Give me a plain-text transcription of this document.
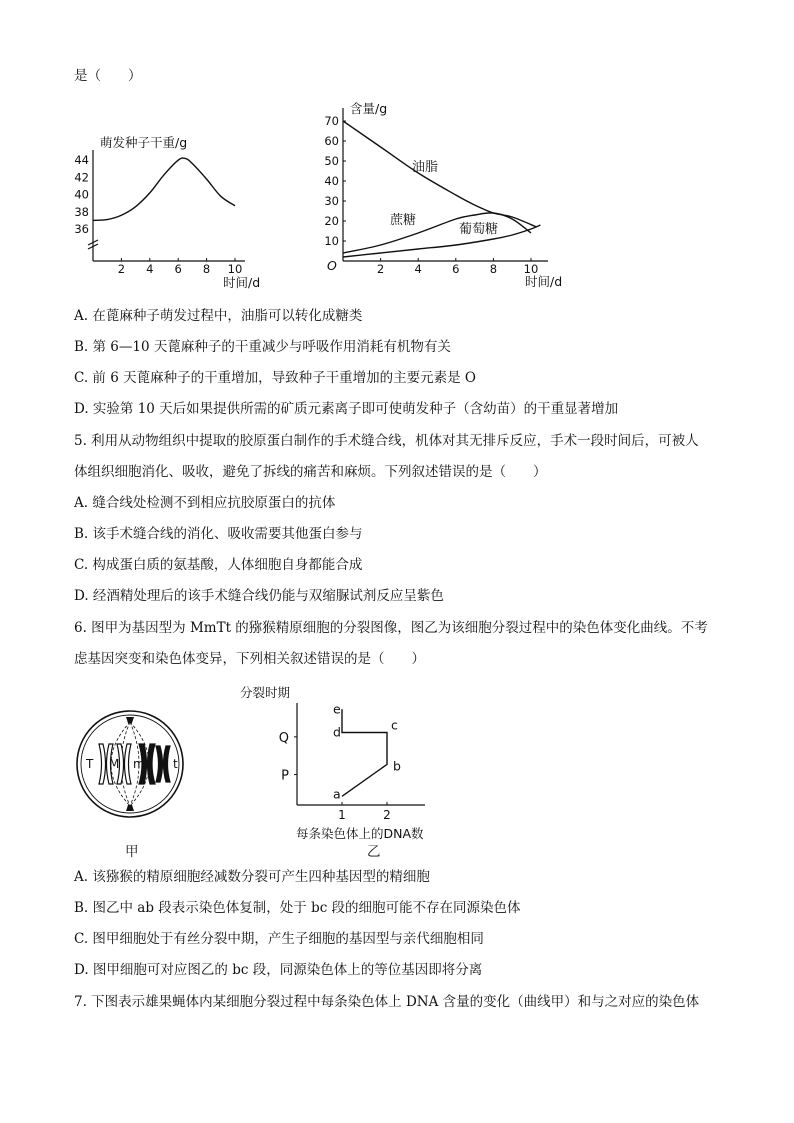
是（　　）
2 4 6 8 10
36
38
40
42
44
萌发种子干重/g
时间/d
2	4	6	8 10
10
20
30
40
50
60
70
含量/g
时间/d
O
油脂
蔗糖
葡萄糖
A. 在蓖麻种子萌发过程中，油脂可以转化成糖类
B. 第 6—10 天蓖麻种子的干重减少与呼吸作用消耗有机物有关
C. 前 6 天蓖麻种子的干重增加，导致种子干重增加的主要元素是 O
D. 实验第 10 天后如果提供所需的矿质元素离子即可使萌发种子（含幼苗）的干重显著增加
5. 利用从动物组织中提取的胶原蛋白制作的手术缝合线，机体对其无排斥反应，手术一段时间后，可被人
体组织细胞消化、吸收，避免了拆线的痛苦和麻烦。下列叙述错误的是（　　）
A. 缝合线处检测不到相应抗胶原蛋白的抗体
B. 该手术缝合线的消化、吸收需要其他蛋白参与
C. 构成蛋白质的氨基酸，人体细胞自身都能合成
D. 经酒精处理后的该手术缝合线仍能与双缩脲试剂反应呈紫色
6. 图甲为基因型为 MmTt 的猕猴精原细胞的分裂图像，图乙为该细胞分裂过程中的染色体变化曲线。不考
虑基因突变和染色体变异，下列相关叙述错误的是（　　）
T M m t
甲
1	2
P
Q
a
b
c
d
e
分裂时期
每条染色体上的DNA数
乙
A. 该猕猴的精原细胞经减数分裂可产生四种基因型的精细胞
B. 图乙中 ab 段表示染色体复制，处于 bc 段的细胞可能不存在同源染色体
C. 图甲细胞处于有丝分裂中期，产生子细胞的基因型与亲代细胞相同
D. 图甲细胞可对应图乙的 bc 段，同源染色体上的等位基因即将分离
7. 下图表示雄果蝇体内某细胞分裂过程中每条染色体上 DNA 含量的变化（曲线甲）和与之对应的染色体
